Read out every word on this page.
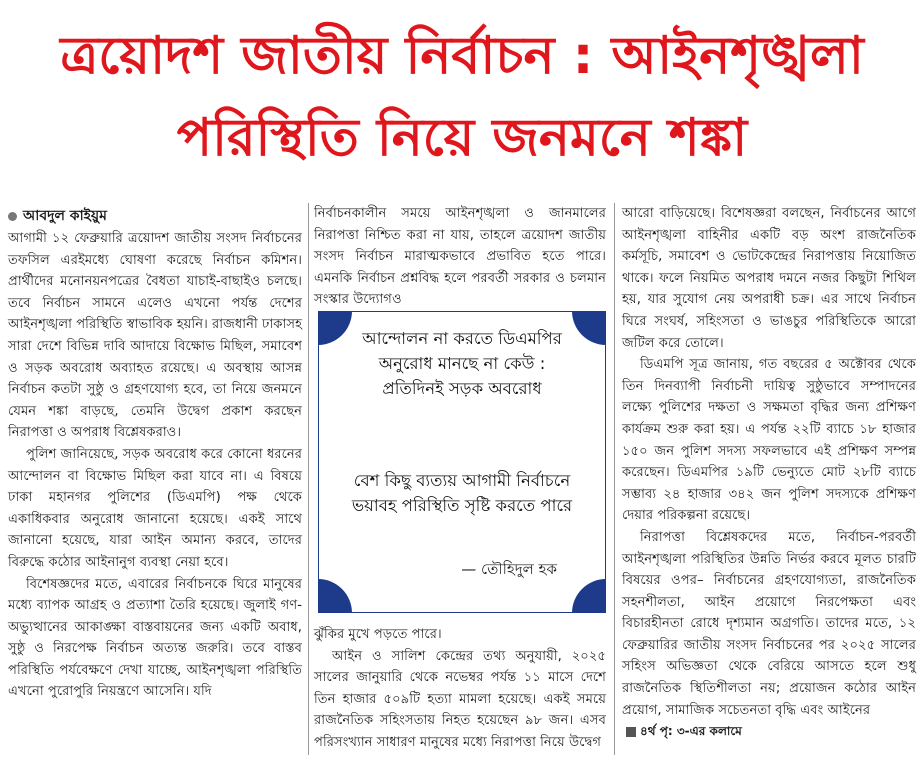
ত্রয়োদশ জাতীয় নির্বাচন : আইনশৃঙ্খলা
পরিস্থিতি নিয়ে জনমনে শঙ্কা
আবদুল কাইয়ুম

আগামী ১২ ফেব্রুয়ারি ত্রয়োদশ জাতীয় সংসদ নির্বাচনের তফসিল এরইমধ্যে ঘোষণা করেছে নির্বাচন কমিশন। প্রার্থীদের মনোনয়নপত্রের বৈধতা যাচাই-বাছাইও চলছে। তবে নির্বাচন সামনে এলেও এখনো পর্যন্ত দেশের আইনশৃঙ্খলা পরিস্থিতি স্বাভাবিক হয়নি। রাজধানী ঢাকাসহ সারা দেশে বিভিন্ন দাবি আদায়ে বিক্ষোভ মিছিল, সমাবেশ ও সড়ক অবরোধ অব্যাহত রয়েছে। এ অবস্থায় আসন্ন নির্বাচন কতটা সুষ্ঠু ও গ্রহণযোগ্য হবে, তা নিয়ে জনমনে যেমন শঙ্কা বাড়ছে, তেমনি উদ্বেগ প্রকাশ করছেন নিরাপত্তা ও অপরাধ বিশ্লেষকরাও।

পুলিশ জানিয়েছে, সড়ক অবরোধ করে কোনো ধরনের আন্দোলন বা বিক্ষোভ মিছিল করা যাবে না। এ বিষয়ে ঢাকা মহানগর পুলিশের (ডিএমপি) পক্ষ থেকে একাধিকবার অনুরোধ জানানো হয়েছে। একই সাথে জানানো হয়েছে, যারা আইন অমান্য করবে, তাদের বিরুদ্ধে কঠোর আইনানুগ ব্যবস্থা নেয়া হবে।

বিশেষজ্ঞদের মতে, এবারের নির্বাচনকে ঘিরে মানুষের মধ্যে ব্যাপক আগ্রহ ও প্রত্যাশা তৈরি হয়েছে। জুলাই গণ-অভ্যুত্থানের আকাঙ্ক্ষা বাস্তবায়নের জন্য একটি অবাধ, সুষ্ঠু ও নিরপেক্ষ নির্বাচন অত্যন্ত জরুরি। তবে বাস্তব পরিস্থিতি পর্যবেক্ষণে দেখা যাচ্ছে, আইনশৃঙ্খলা পরিস্থিতি এখনো পুরোপুরি নিয়ন্ত্রণে আসেনি। যদি

নির্বাচনকালীন সময়ে আইনশৃঙ্খলা ও জানমালের নিরাপত্তা নিশ্চিত করা না যায়, তাহলে ত্রয়োদশ জাতীয় সংসদ নির্বাচন মারাত্মকভাবে প্রভাবিত হতে পারে। এমনকি নির্বাচন প্রশ্নবিদ্ধ হলে পরবর্তী সরকার ও চলমান সংস্কার উদ্যোগও

আন্দোলন না করতে ডিএমপির অনুরোধ মানছে না কেউ : প্রতিদিনই সড়ক অবরোধ
বেশ কিছু ব্যত্যয় আগামী নির্বাচনে ভয়াবহ পরিস্থিতি সৃষ্টি করতে পারে
— তৌহিদুল হক

ঝুঁকির মুখে পড়তে পারে।

আইন ও সালিশ কেন্দ্রের তথ্য অনুযায়ী, ২০২৫ সালের জানুয়ারি থেকে নভেম্বর পর্যন্ত ১১ মাসে দেশে তিন হাজার ৫০৯টি হত্যা মামলা হয়েছে। একই সময়ে রাজনৈতিক সহিংসতায় নিহত হয়েছেন ৯৮ জন। এসব পরিসংখ্যান সাধারণ মানুষের মধ্যে নিরাপত্তা নিয়ে উদ্বেগ

আরো বাড়িয়েছে। বিশেষজ্ঞরা বলছেন, নির্বাচনের আগে আইনশৃঙ্খলা বাহিনীর একটি বড় অংশ রাজনৈতিক কর্মসূচি, সমাবেশ ও ভোটকেন্দ্রের নিরাপত্তায় নিয়োজিত থাকে। ফলে নিয়মিত অপরাধ দমনে নজর কিছুটা শিথিল হয়, যার সুযোগ নেয় অপরাধী চক্র। এর সাথে নির্বাচন ঘিরে সংঘর্ষ, সহিংসতা ও ভাঙচুর পরিস্থিতিকে আরো জটিল করে তোলে।

ডিএমপি সূত্র জানায়, গত বছরের ৫ অক্টোবর থেকে তিন দিনব্যাপী নির্বাচনী দায়িত্ব সুষ্ঠুভাবে সম্পাদনের লক্ষ্যে পুলিশের দক্ষতা ও সক্ষমতা বৃদ্ধির জন্য প্রশিক্ষণ কার্যক্রম শুরু করা হয়। এ পর্যন্ত ২২টি ব্যাচে ১৮ হাজার ১৫০ জন পুলিশ সদস্য সফলভাবে এই প্রশিক্ষণ সম্পন্ন করেছেন। ডিএমপির ১৯টি ভেন্যুতে মোট ২৮টি ব্যাচে সম্ভাব্য ২৪ হাজার ৩৪২ জন পুলিশ সদস্যকে প্রশিক্ষণ দেয়ার পরিকল্পনা রয়েছে।

নিরাপত্তা বিশ্লেষকদের মতে, নির্বাচন-পরবর্তী আইনশৃঙ্খলা পরিস্থিতির উন্নতি নির্ভর করবে মূলত চারটি বিষয়ের ওপর– নির্বাচনের গ্রহণযোগ্যতা, রাজনৈতিক সহনশীলতা, আইন প্রয়োগে নিরপেক্ষতা এবং বিচারহীনতা রোধে দৃশ্যমান অগ্রগতি। তাদের মতে, ১২ ফেব্রুয়ারির জাতীয় সংসদ নির্বাচনের পর ২০২৫ সালের সহিংস অভিজ্ঞতা থেকে বেরিয়ে আসতে হলে শুধু রাজনৈতিক স্থিতিশীলতা নয়; প্রয়োজন কঠোর আইন প্রয়োগ, সামাজিক সচেতনতা বৃদ্ধি এবং আইনের

৪র্থ পৃ: ৩-এর কলামে
